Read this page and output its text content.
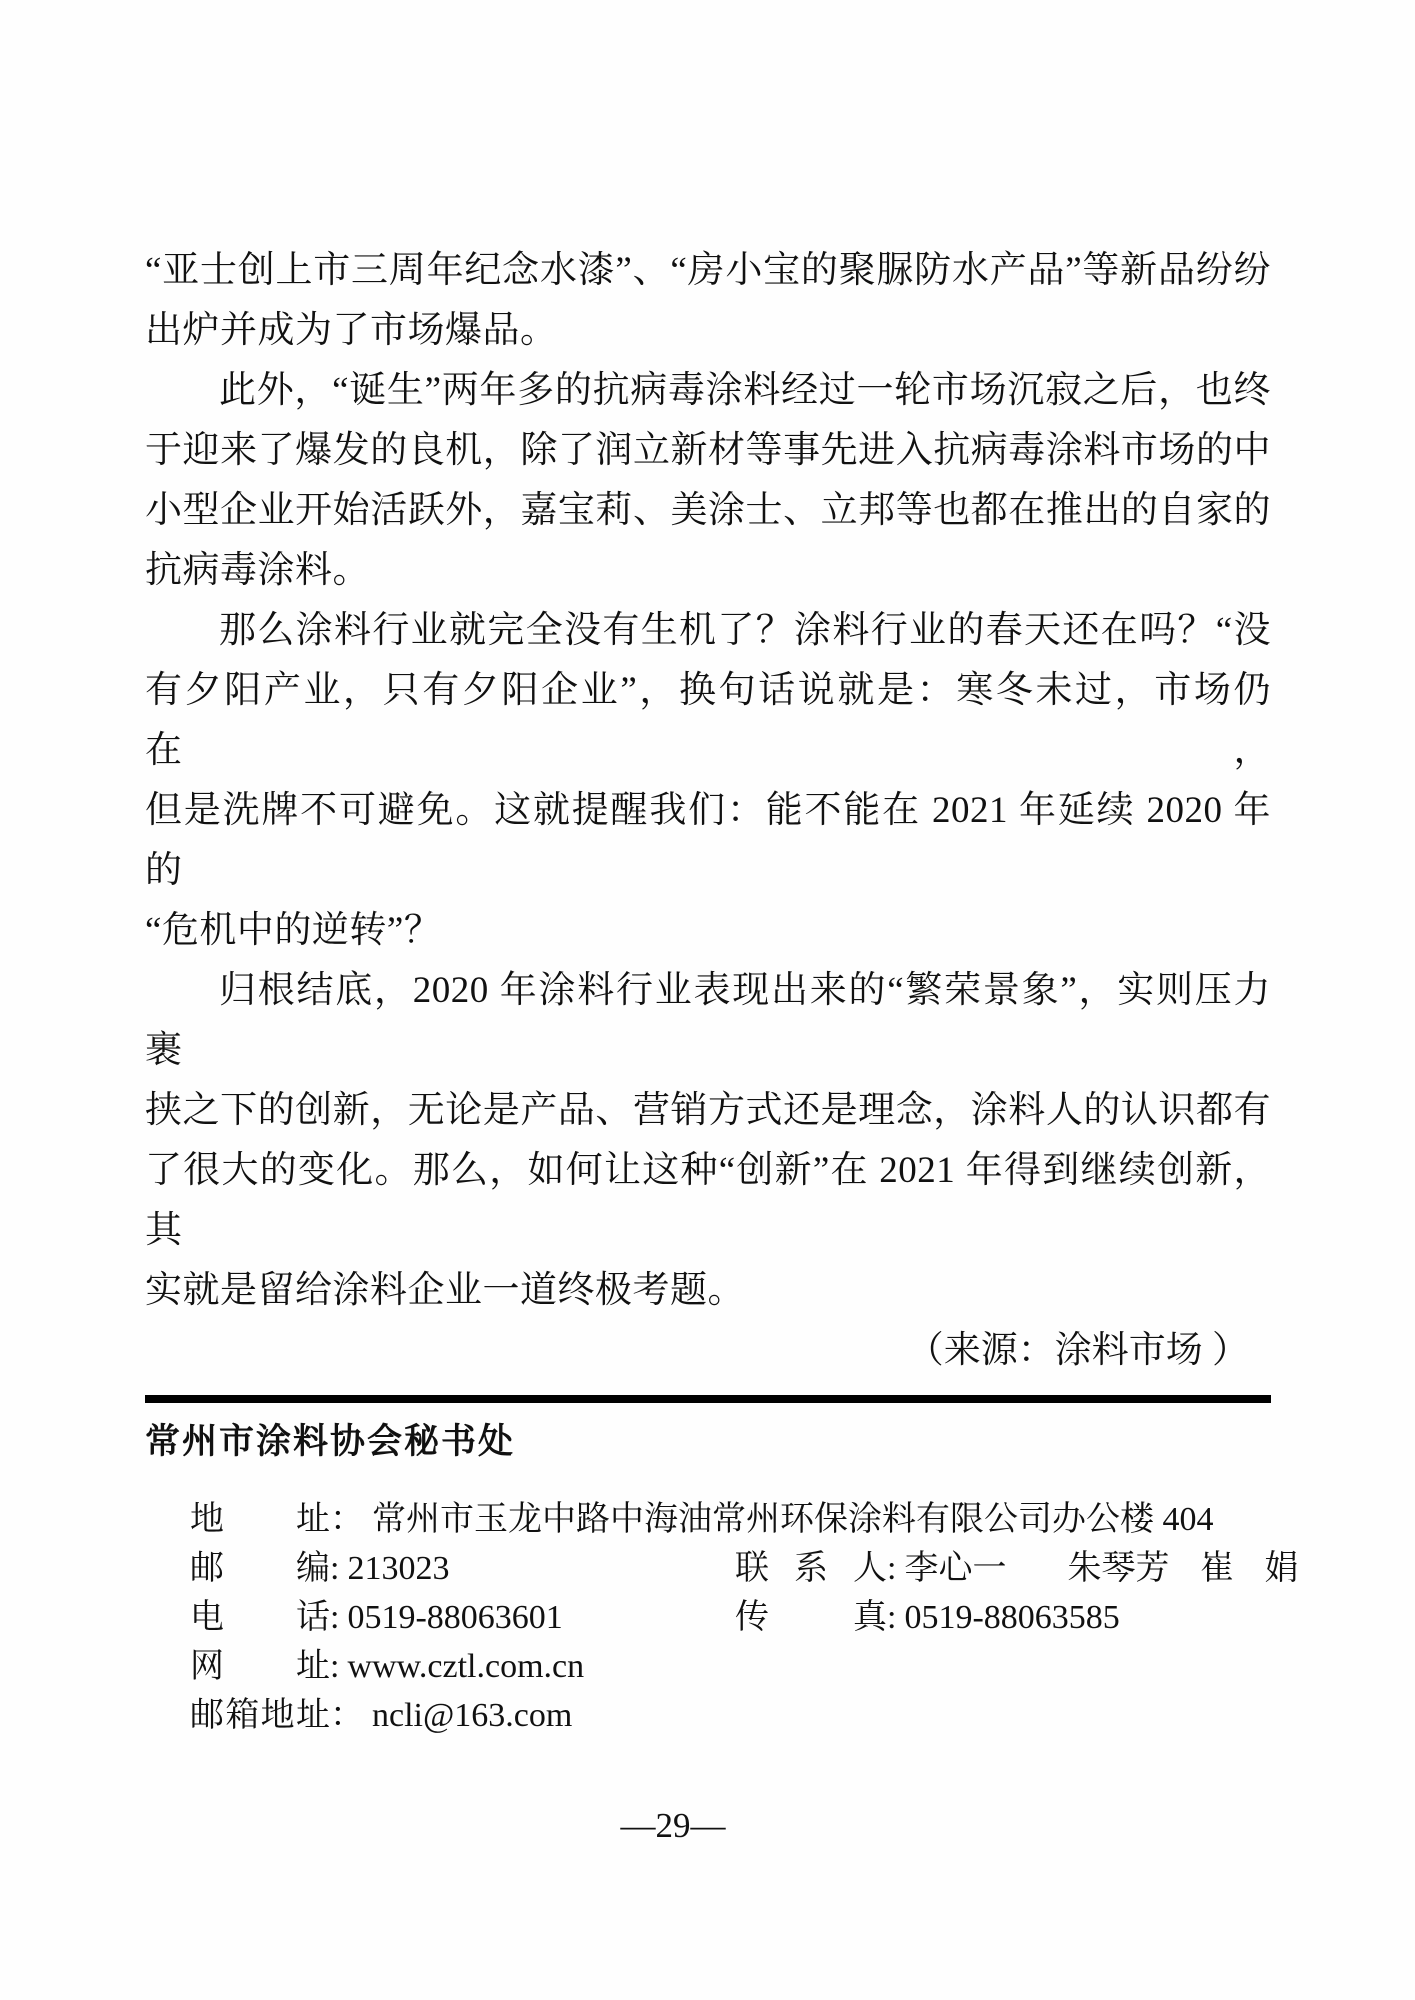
“亚士创上市三周年纪念水漆”、“房小宝的聚脲防水产品”等新品纷纷
出炉并成为了市场爆品。
此外，“诞生”两年多的抗病毒涂料经过一轮市场沉寂之后，也终
于迎来了爆发的良机，除了润立新材等事先进入抗病毒涂料市场的中
小型企业开始活跃外，嘉宝莉、美涂士、立邦等也都在推出的自家的
抗病毒涂料。
那么涂料行业就完全没有生机了？涂料行业的春天还在吗？“没
有夕阳产业，只有夕阳企业”，换句话说就是：寒冬未过，市场仍在，
但是洗牌不可避免。这就提醒我们：能不能在 2021 年延续 2020 年的
“危机中的逆转”？
归根结底，2020 年涂料行业表现出来的“繁荣景象”，实则压力裹
挟之下的创新，无论是产品、营销方式还是理念，涂料人的认识都有
了很大的变化。那么，如何让这种“创新”在 2021 年得到继续创新，其
实就是留给涂料企业一道终极考题。
（来源：涂料市场 ）
常州市涂料协会秘书处
地址 ： 常州市玉龙中路中海油常州环保涂料有限公司办公楼 404
邮编 : 213023	联系人 : 李心一  朱琴芳 崔 娟
电话 : 0519-88063601	传真 : 0519-88063585
网址 : www.cztl.com.cn
邮箱地址 ： ncli@163.com
—29—
